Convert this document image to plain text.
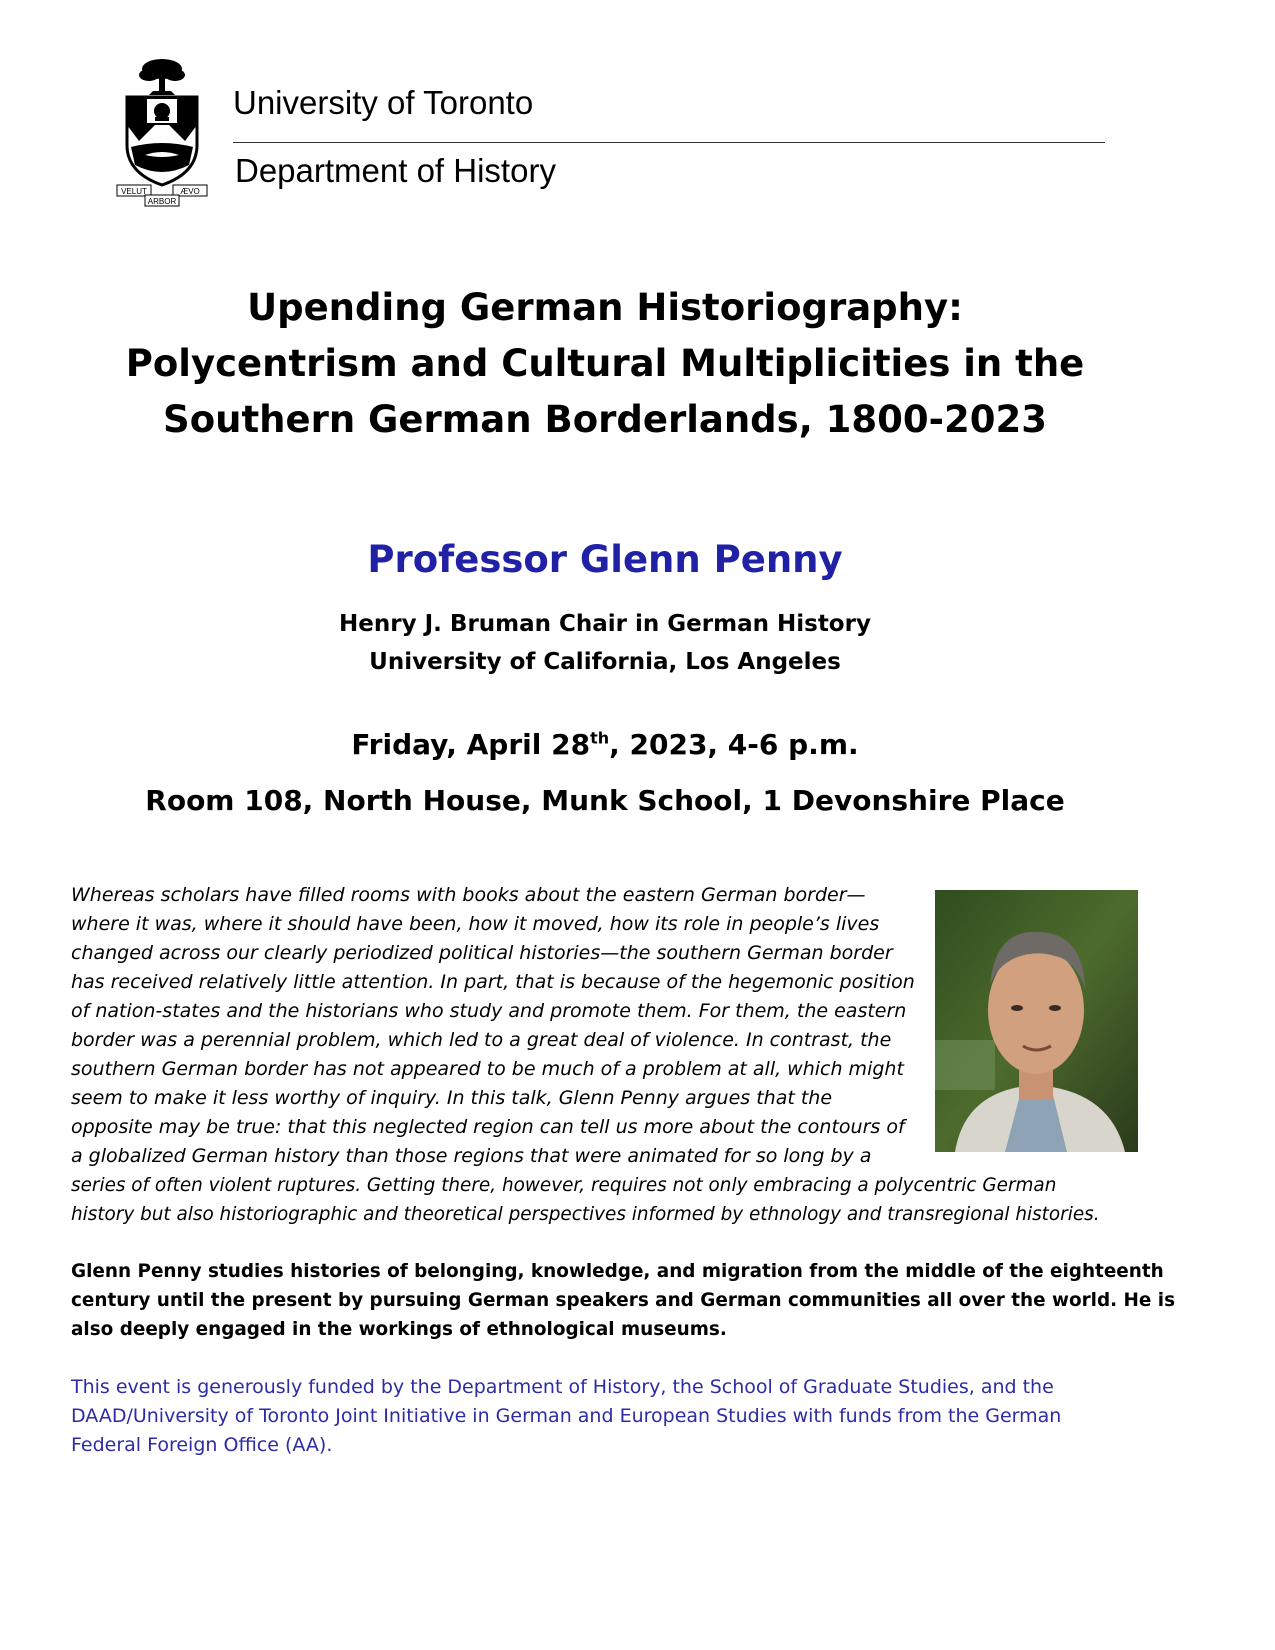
VELUT	ÆVO
ARBOR
University of Toronto
Department of History
Upending German Historiography:
Polycentrism and Cultural Multiplicities in the
Southern German Borderlands, 1800-2023
Professor Glenn Penny
Henry J. Bruman Chair in German History
University of California, Los Angeles
Friday, April 28th, 2023, 4-6 p.m.
Room 108, North House, Munk School, 1 Devonshire Place
Whereas scholars have filled rooms with books about the eastern German border—
where it was, where it should have been, how it moved, how its role in people’s lives
changed across our clearly periodized political histories—the southern German border
has received relatively little attention. In part, that is because of the hegemonic position
of nation-states and the historians who study and promote them. For them, the eastern
border was a perennial problem, which led to a great deal of violence. In contrast, the
southern German border has not appeared to be much of a problem at all, which might
seem to make it less worthy of inquiry. In this talk, Glenn Penny argues that the
opposite may be true: that this neglected region can tell us more about the contours of
a globalized German history than those regions that were animated for so long by a
series of often violent ruptures. Getting there, however, requires not only embracing a polycentric German
history but also historiographic and theoretical perspectives informed by ethnology and transregional histories.
Glenn Penny studies histories of belonging, knowledge, and migration from the middle of the eighteenth
century until the present by pursuing German speakers and German communities all over the world. He is
also deeply engaged in the workings of ethnological museums.
This event is generously funded by the Department of History, the School of Graduate Studies, and the
DAAD/University of Toronto Joint Initiative in German and European Studies with funds from the German
Federal Foreign Office (AA).
